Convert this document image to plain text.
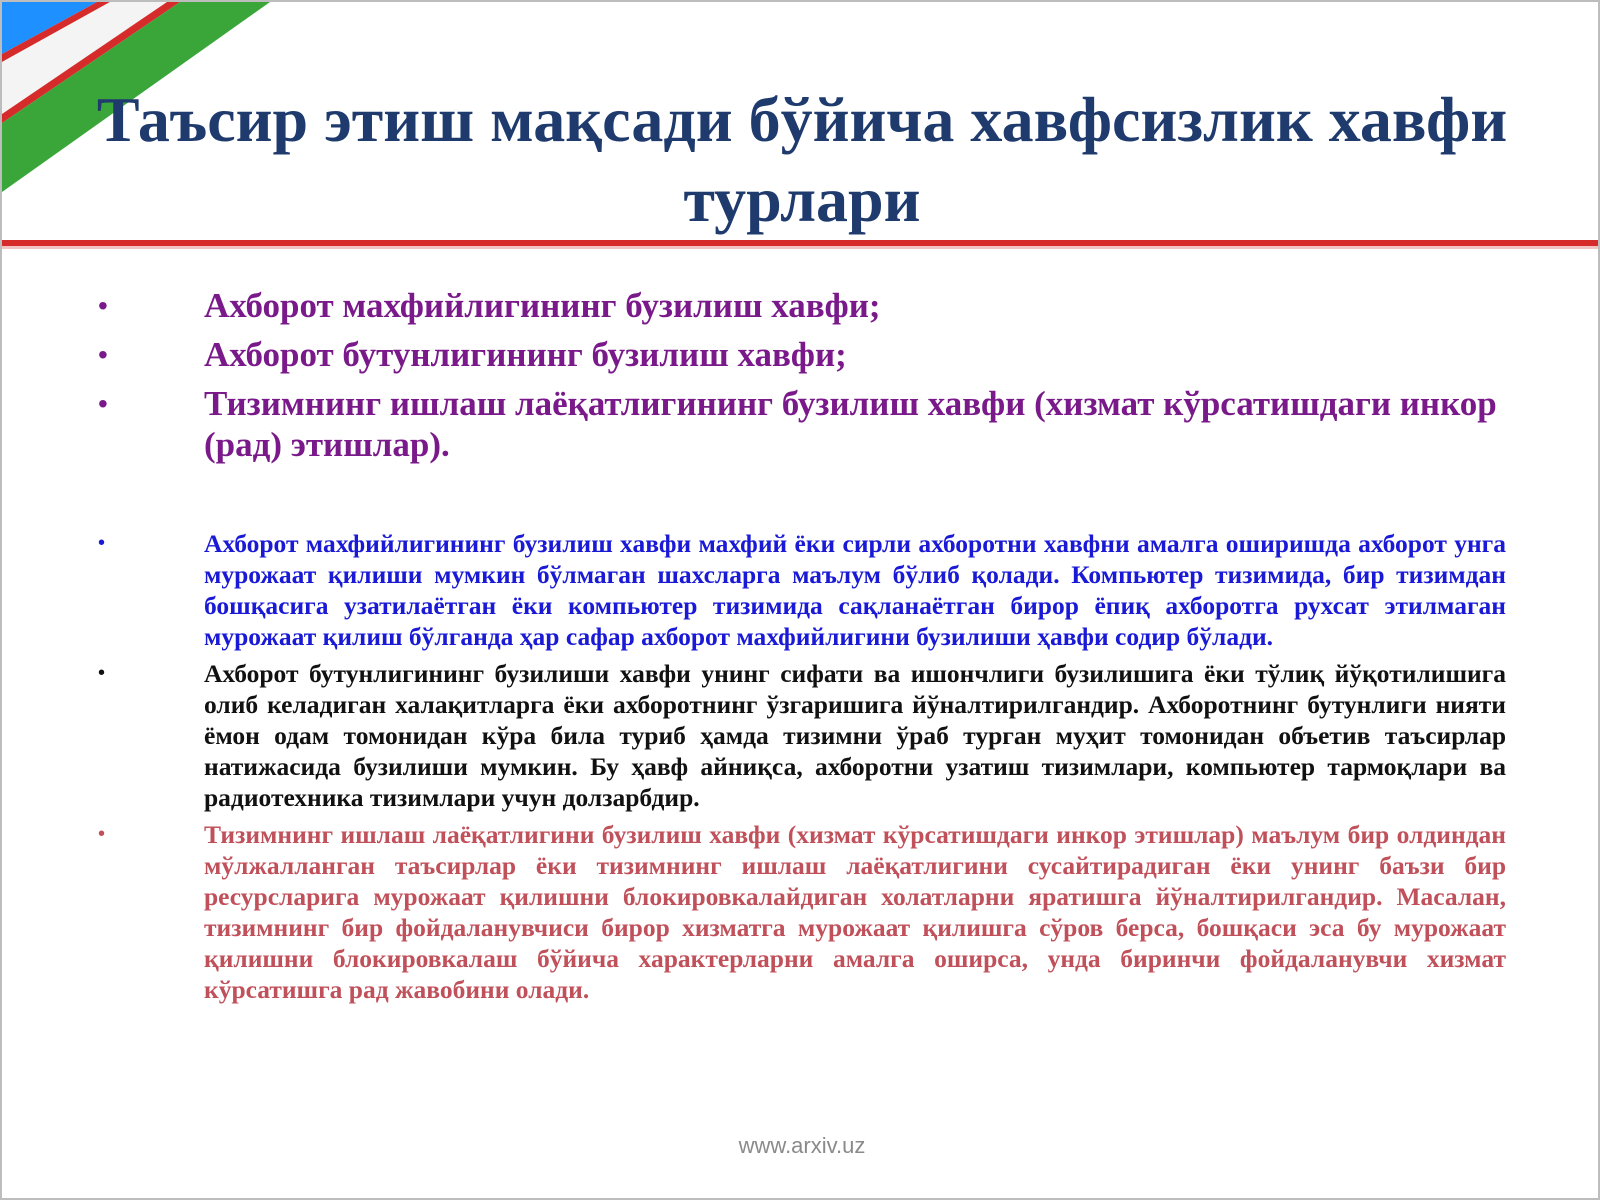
Таъсир этиш мақсади бўйича хавфсизлик хавфи турлари
•	Ахборот махфийлигининг бузилиш хавфи;
•	Ахборот бутунлигининг бузилиш хавфи;
•	Тизимнинг ишлаш лаёқатлигининг бузилиш хавфи (хизмат кўрсатишдаги инкор (рад) этишлар).
•	Ахборот махфийлигининг бузилиш хавфи махфий ёки сирли ахборотни хавфни амалга оширишда ахборот унга мурожаат қилиши мумкин бўлмаган шахсларга маълум бўлиб қолади. Компьютер тизимида, бир тизимдан бошқасига узатилаётган ёки компьютер тизимида сақланаётган бирор ёпиқ ахборотга рухсат этилмаган мурожаат қилиш бўлганда ҳар сафар ахборот махфийлигини бузилиши ҳавфи содир бўлади.
•	Ахборот бутунлигининг бузилиши хавфи унинг сифати ва ишончлиги бузилишига ёки тўлиқ йўқотилишига олиб келадиган халақитларга ёки ахборотнинг ўзгаришига йўналтирилгандир. Ахборотнинг бутунлиги нияти ёмон одам томонидан кўра била туриб ҳамда тизимни ўраб турган муҳит томонидан объетив таъсирлар натижасида бузилиши мумкин. Бу ҳавф айниқса, ахборотни узатиш тизимлари, компьютер тармоқлари ва радиотехника тизимлари учун долзарбдир.
•	Тизимнинг ишлаш лаёқатлигини бузилиш хавфи (хизмат кўрсатишдаги инкор этишлар) маълум бир олдиндан мўлжалланган таъсирлар ёки тизимнинг ишлаш лаёқатлигини сусайтирадиган ёки унинг баъзи бир ресурсларига мурожаат қилишни блокировкалайдиган холатларни яратишга йўналтирилгандир. Масалан, тизимнинг бир фойдаланувчиси бирор хизматга мурожаат қилишга сўров берса, бошқаси эса бу мурожаат қилишни блокировкалаш бўйича характерларни амалга оширса, унда биринчи фойдаланувчи хизмат кўрсатишга рад жавобини олади.
www.arxiv.uz
